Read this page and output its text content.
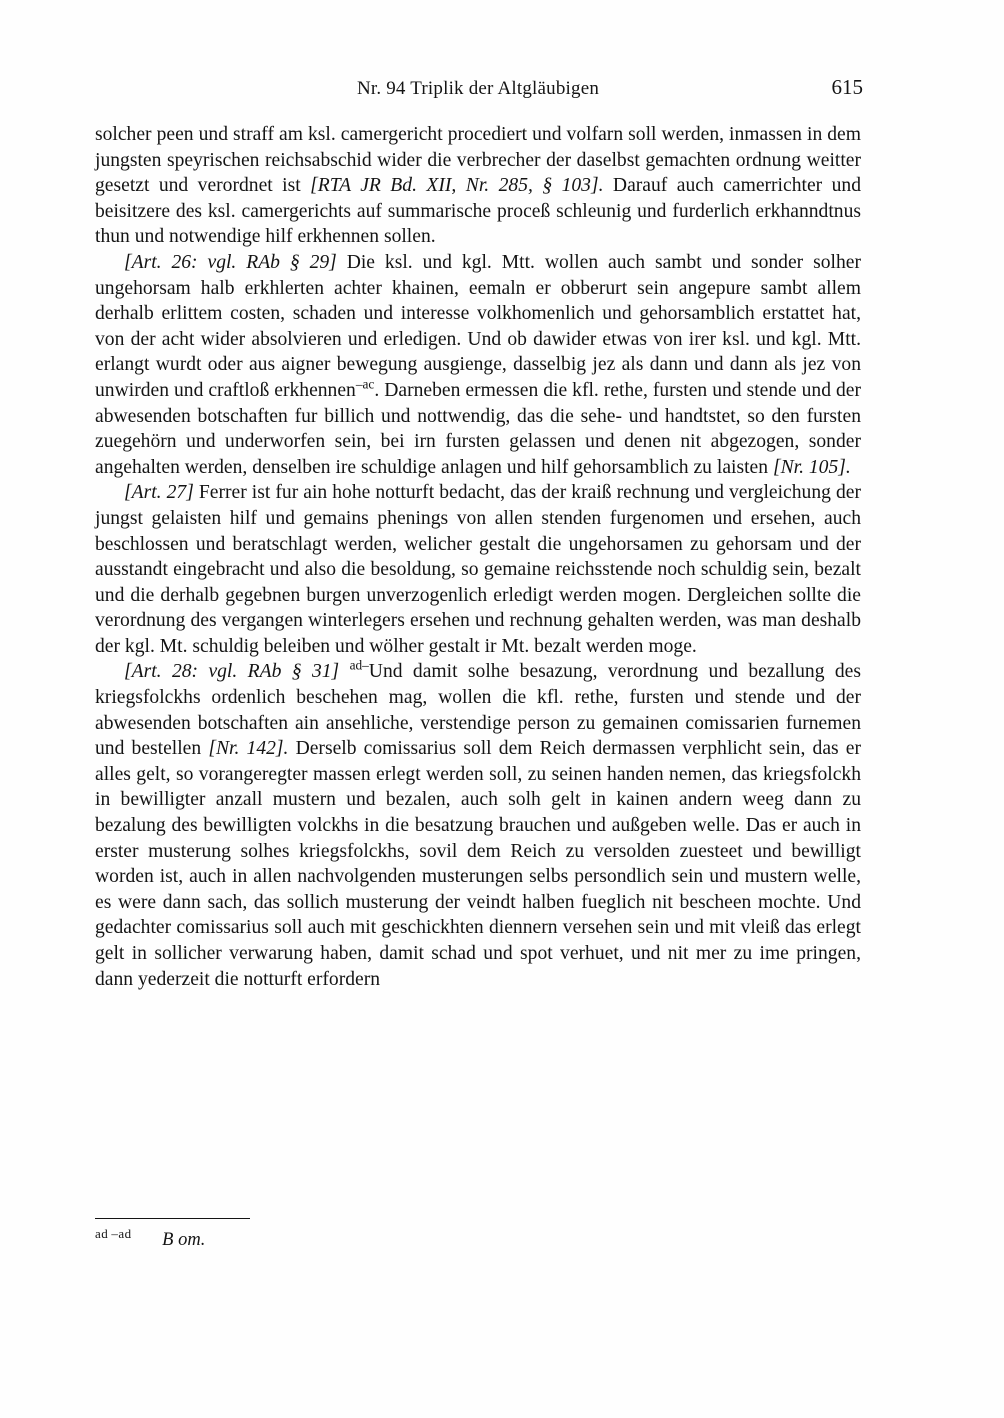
Nr. 94 Triplik der Altgläubigen	615
solcher peen und straff am ksl. camergericht procediert und volfarn soll werden, inmassen in dem jungsten speyrischen reichsabschid wider die verbrecher der daselbst gemachten ordnung weitter gesetzt und verordnet ist [RTA JR Bd. XII, Nr. 285, § 103]. Darauf auch camerrichter und beisitzere des ksl. camergerichts auf summarische proceß schleunig und furderlich erkhanndtnus thun und notwendige hilf erkhennen sollen.
[Art. 26: vgl. RAb § 29] Die ksl. und kgl. Mtt. wollen auch sambt und sonder solher ungehorsam halb erkhlerten achter khainen, eemaln er obberurt sein angepure sambt allem derhalb erlittem costen, schaden und interesse volkhomenlich und gehorsamblich erstattet hat, von der acht wider absolvieren und erledigen. Und ob dawider etwas von irer ksl. und kgl. Mtt. erlangt wurdt oder aus aigner bewegung ausgienge, dasselbig jez als dann und dann als jez von unwirden und craftloß erkhennen$^{-ac}$. Darneben ermessen die kfl. rethe, fursten und stende und der abwesenden botschaften fur billich und nottwendig, das die sehe- und handtstet, so den fursten zuegehörn und underworfen sein, bei irn fursten gelassen und denen nit abgezogen, sonder angehalten werden, denselben ire schuldige anlagen und hilf gehorsamblich zu laisten [Nr. 105].
[Art. 27] Ferrer ist fur ain hohe notturft bedacht, das der kraiß rechnung und vergleichung der jungst gelaisten hilf und gemains phenings von allen stenden furgenomen und ersehen, auch beschlossen und beratschlagt werden, welicher gestalt die ungehorsamen zu gehorsam und der ausstandt eingebracht und also die besoldung, so gemaine reichsstende noch schuldig sein, bezalt und die derhalb gegebnen burgen unverzogenlich erledigt werden mogen. Dergleichen sollte die verordnung des vergangen winterlegers ersehen und rechnung gehalten werden, was man deshalb der kgl. Mt. schuldig beleiben und wölher gestalt ir Mt. bezalt werden moge.
[Art. 28: vgl. RAb § 31] $^{ad-}$Und damit solhe besazung, verordnung und bezallung des kriegsfolckhs ordenlich beschehen mag, wollen die kfl. rethe, fursten und stende und der abwesenden botschaften ain ansehliche, verstendige person zu gemainen comissarien furnemen und bestellen [Nr. 142]. Derselb comissarius soll dem Reich dermassen verphlicht sein, das er alles gelt, so vorangeregter massen erlegt werden soll, zu seinen handen nemen, das kriegsfolckh in bewilligter anzall mustern und bezalen, auch solh gelt in kainen andern weeg dann zu bezalung des bewilligten volckhs in die besatzung brauchen und außgeben welle. Das er auch in erster musterung solhes kriegsfolckhs, sovil dem Reich zu versolden zuesteet und bewilligt worden ist, auch in allen nachvolgenden musterungen selbs persondlich sein und mustern welle, es were dann sach, das sollich musterung der veindt halben fueglich nit bescheen mochte. Und gedachter comissarius soll auch mit geschickhten diennern versehen sein und mit vleiß das erlegt gelt in sollicher verwarung haben, damit schad und spot verhuet, und nit mer zu ime pringen, dann yederzeit die notturft erfordern
$^{ad -ad}$ B om.
